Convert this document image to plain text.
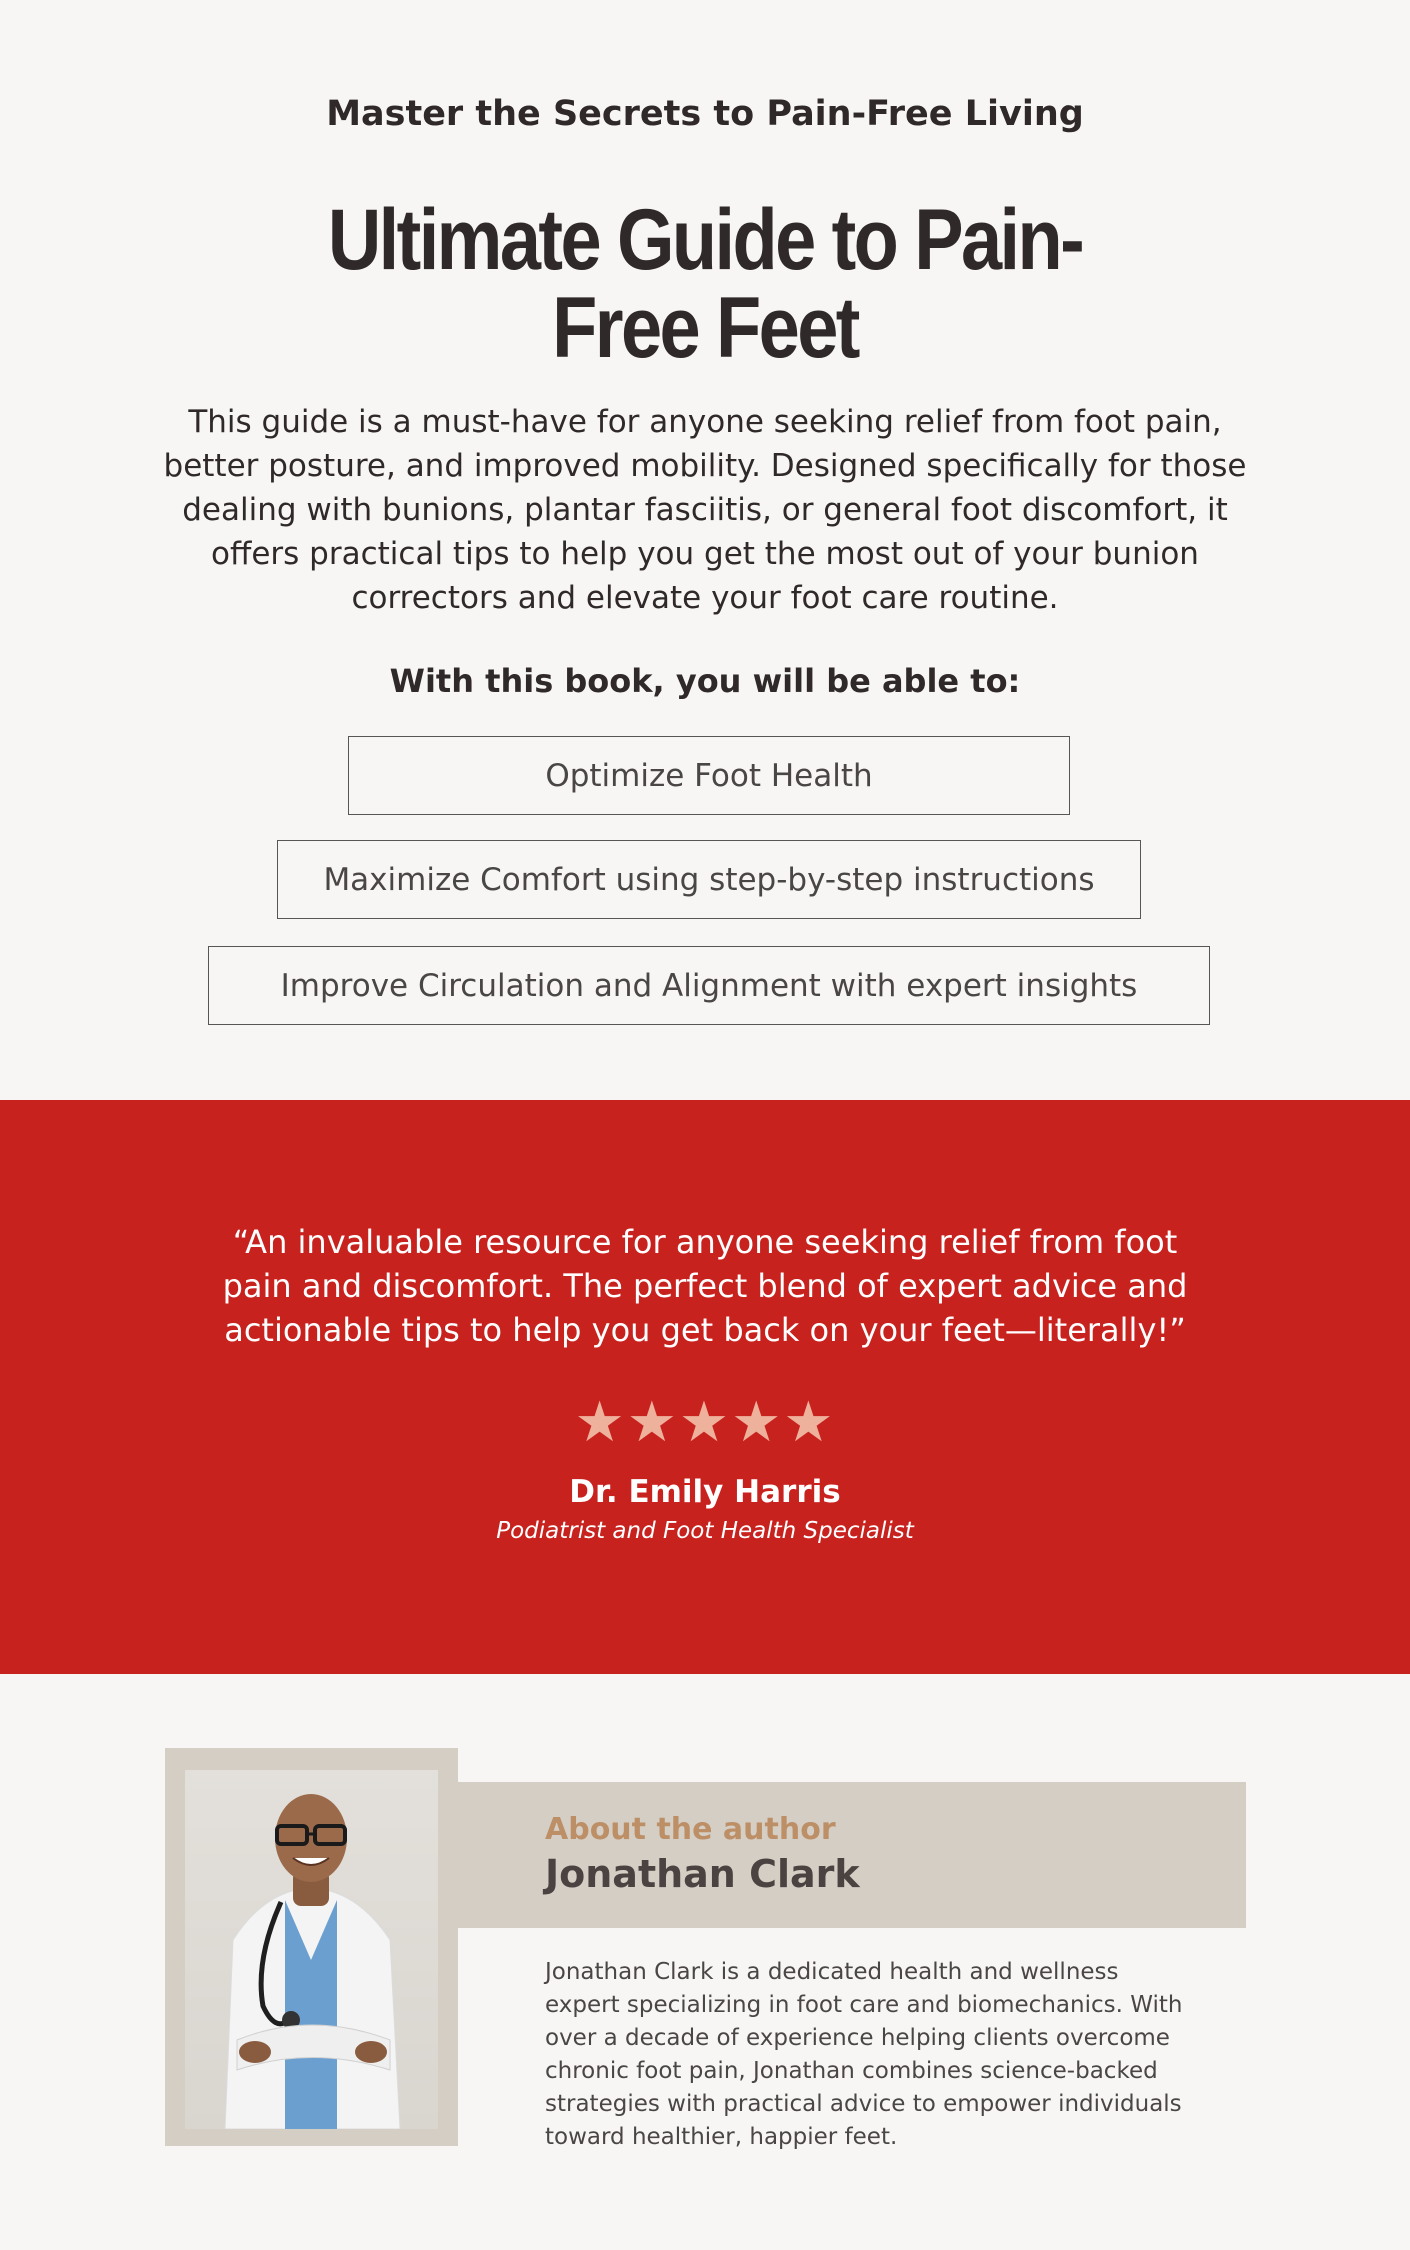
Master the Secrets to Pain-Free Living
Ultimate Guide to Pain-Free Feet

This guide is a must-have for anyone seeking relief from foot pain, better posture, and improved mobility. Designed specifically for those dealing with bunions, plantar fasciitis, or general foot discomfort, it offers practical tips to help you get the most out of your bunion correctors and elevate your foot care routine.

With this book, you will be able to:
Optimize Foot Health
Maximize Comfort using step-by-step instructions
Improve Circulation and Alignment with expert insights

“An invaluable resource for anyone seeking relief from foot pain and discomfort. The perfect blend of expert advice and actionable tips to help you get back on your feet—literally!”

★★★★★
Dr. Emily Harris
Podiatrist and Foot Health Specialist
About the author
Jonathan Clark

Jonathan Clark is a dedicated health and wellness expert specializing in foot care and biomechanics. With over a decade of experience helping clients overcome chronic foot pain, Jonathan combines science-backed strategies with practical advice to empower individuals toward healthier, happier feet.
